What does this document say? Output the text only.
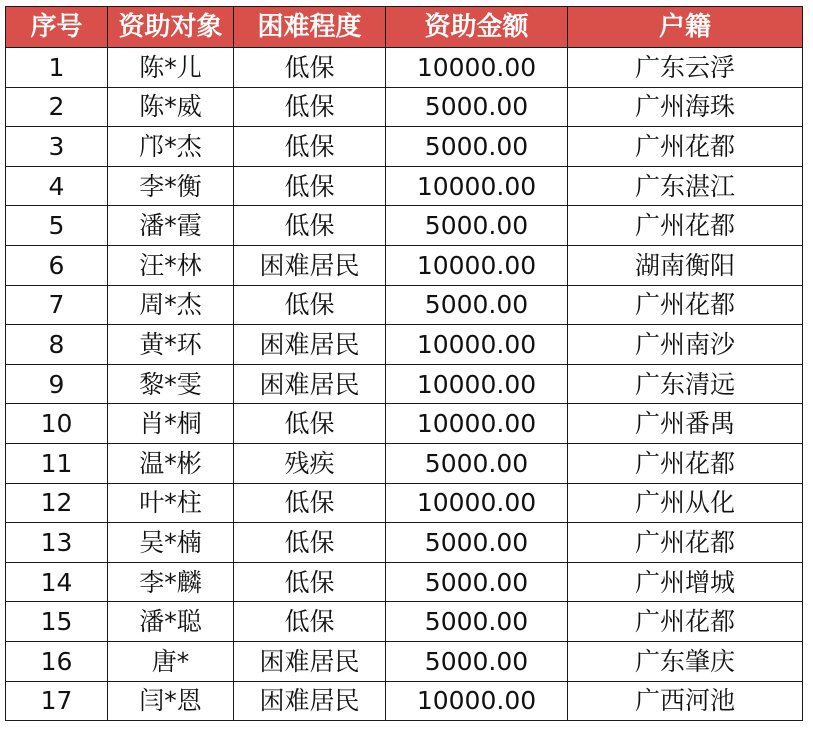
序号	资助对象	困难程度	资助金额	户籍
1	陈*儿	低保	10000.00	广东云浮
2	陈*威	低保	5000.00	广州海珠
3	邝*杰	低保	5000.00	广州花都
4	李*衡	低保	10000.00	广东湛江
5	潘*霞	低保	5000.00	广州花都
6	汪*林	困难居民	10000.00	湖南衡阳
7	周*杰	低保	5000.00	广州花都
8	黄*环	困难居民	10000.00	广州南沙
9	黎*雯	困难居民	10000.00	广东清远
10	肖*桐	低保	10000.00	广州番禺
11	温*彬	残疾	5000.00	广州花都
12	叶*柱	低保	10000.00	广州从化
13	吴*楠	低保	5000.00	广州花都
14	李*麟	低保	5000.00	广州增城
15	潘*聪	低保	5000.00	广州花都
16	唐*	困难居民	5000.00	广东肇庆
17	闫*恩	困难居民	10000.00	广西河池
